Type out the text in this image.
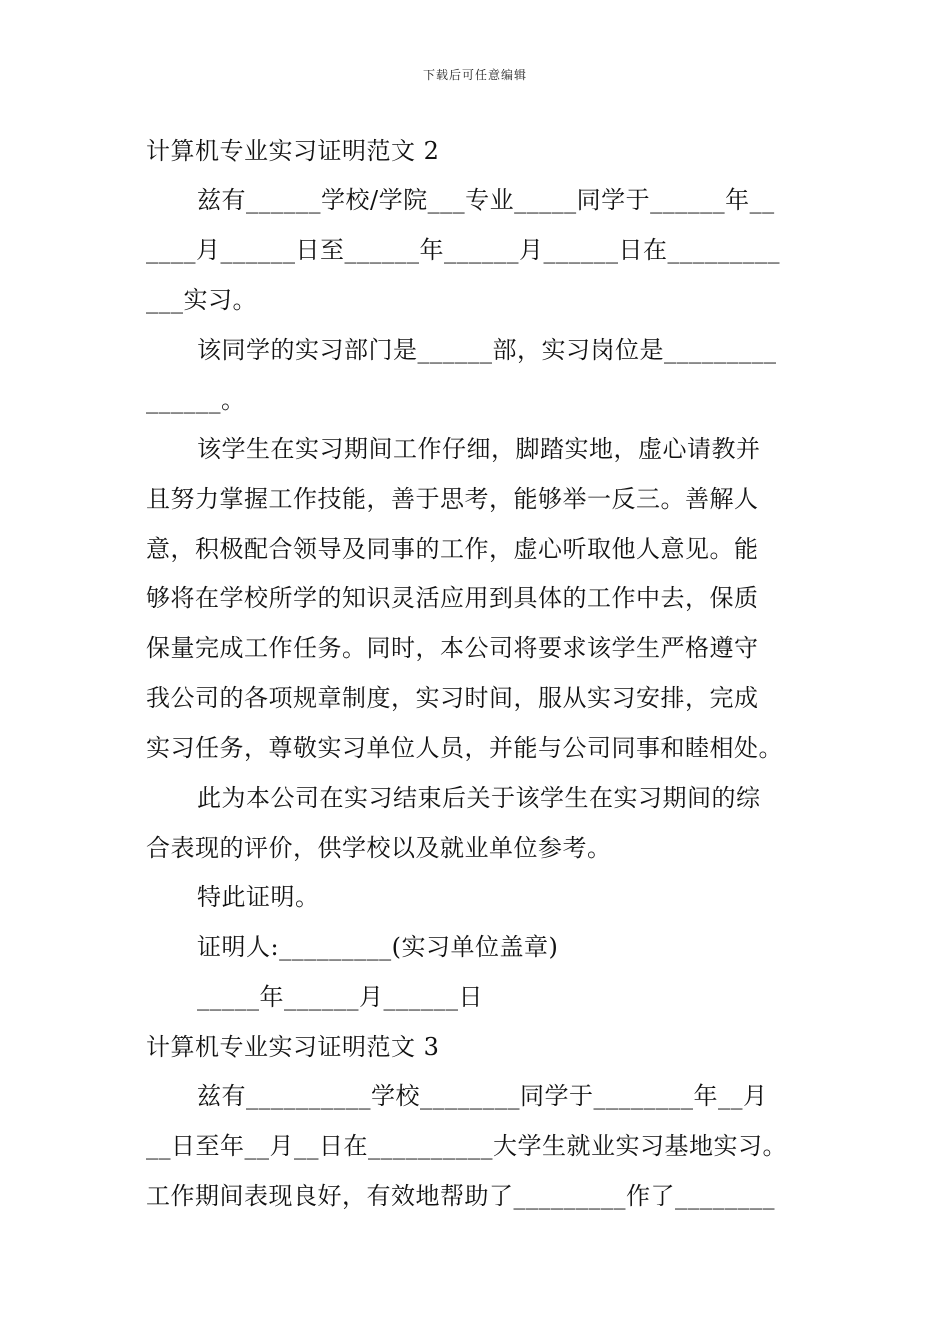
下载后可任意编辑
计算机专业实习证明范文 2
兹有______学校/学院___专业_____同学于______年__
____月______日至______年______月______日在_________
___实习。
该同学的实习部门是______部，实习岗位是_________
______。
该学生在实习期间工作仔细，脚踏实地，虚心请教并
且努力掌握工作技能，善于思考，能够举一反三。善解人
意，积极配合领导及同事的工作，虚心听取他人意见。能
够将在学校所学的知识灵活应用到具体的工作中去，保质
保量完成工作任务。同时，本公司将要求该学生严格遵守
我公司的各项规章制度，实习时间，服从实习安排，完成
实习任务，尊敬实习单位人员，并能与公司同事和睦相处。
此为本公司在实习结束后关于该学生在实习期间的综
合表现的评价，供学校以及就业单位参考。
特此证明。
证明人:_________(实习单位盖章)
_____年______月______日
计算机专业实习证明范文 3
兹有__________学校________同学于________年__月
__日至年__月__日在__________大学生就业实习基地实习。
工作期间表现良好，有效地帮助了_________作了________
